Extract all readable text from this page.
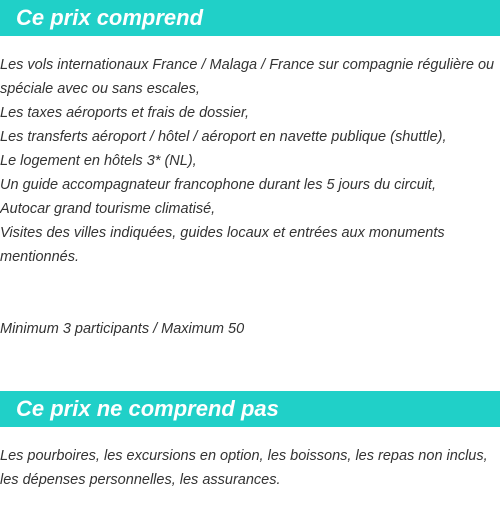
Ce prix comprend

Les vols internationaux France / Malaga / France sur compagnie régulière ou spéciale avec ou sans escales,

Les taxes aéroports et frais de dossier,

Les transferts aéroport / hôtel / aéroport en navette publique (shuttle),

Le logement en hôtels 3* (NL),

Un guide accompagnateur francophone durant les 5 jours du circuit,

Autocar grand tourisme climatisé,

Visites des villes indiquées, guides locaux et entrées aux monuments mentionnés.

Minimum 3 participants / Maximum 50

Ce prix ne comprend pas

Les pourboires, les excursions en option, les boissons, les repas non inclus, les dépenses personnelles, les assurances.
